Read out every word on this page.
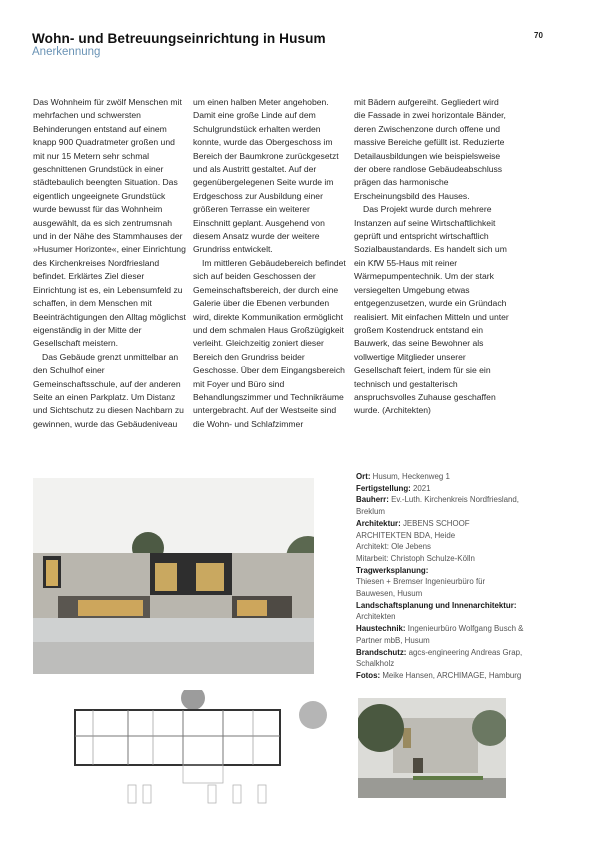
Wohn- und Betreuungseinrichtung in Husum
Anerkennung
70

Das Wohnheim für zwölf Menschen mit mehrfachen und schwersten Behinderungen entstand auf einem knapp 900 Quadratmeter großen und mit nur 15 Metern sehr schmal geschnittenen Grundstück in einer städtebaulich beengten Situation. Das eigentlich ungeeignete Grundstück wurde bewusst für das Wohnheim ausgewählt, da es sich zentrumsnah und in der Nähe des Stammhauses der »Husumer Horizonte«, einer Einrichtung des Kirchenkreises Nordfriesland befindet. Erklärtes Ziel dieser Einrichtung ist es, ein Lebensumfeld zu schaffen, in dem Menschen mit Beeinträchtigungen den Alltag möglichst eigenständig in der Mitte der Gesellschaft meistern.

Das Gebäude grenzt unmittelbar an den Schulhof einer Gemeinschaftsschule, auf der anderen Seite an einen Parkplatz. Um Distanz und Sichtschutz zu diesen Nachbarn zu gewinnen, wurde das Gebäudeniveau

um einen halben Meter angehoben. Damit eine große Linde auf dem Schulgrundstück erhalten werden konnte, wurde das Obergeschoss im Bereich der Baumkrone zurückgesetzt und als Austritt gestaltet. Auf der gegenübergelegenen Seite wurde im Erdgeschoss zur Ausbildung einer größeren Terrasse ein weiterer Einschnitt geplant. Ausgehend von diesem Ansatz wurde der weitere Grundriss entwickelt.

Im mittleren Gebäudebereich befindet sich auf beiden Geschossen der Gemeinschaftsbereich, der durch eine Galerie über die Ebenen verbunden wird, direkte Kommunikation ermöglicht und dem schmalen Haus Großzügigkeit verleiht. Gleichzeitig zoniert dieser Bereich den Grundriss beider Geschosse. Über dem Eingangsbereich mit Foyer und Büro sind Behandlungszimmer und Technikräume untergebracht. Auf der Westseite sind die Wohn- und Schlafzimmer

mit Bädern aufgereiht. Gegliedert wird die Fassade in zwei horizontale Bänder, deren Zwischenzone durch offene und massive Bereiche gefüllt ist. Reduzierte Detailausbildungen wie beispielsweise der obere randlose Gebäudeabschluss prägen das harmonische Erscheinungsbild des Hauses.

Das Projekt wurde durch mehrere Instanzen auf seine Wirtschaftlichkeit geprüft und entspricht wirtschaftlich Sozialbaustandards. Es handelt sich um ein KfW 55-Haus mit reiner Wärmepumpentechnik. Um der stark versiegelten Umgebung etwas entgegenzusetzen, wurde ein Gründach realisiert. Mit einfachen Mitteln und unter großem Kostendruck entstand ein Bauwerk, das seine Bewohner als vollwertige Mitglieder unserer Gesellschaft feiert, indem für sie ein technisch und gestalterisch anspruchsvolles Zuhause geschaffen wurde. (Architekten)

Ort: Husum, Heckenweg 1
Fertigstellung: 2021
Bauherr: Ev.-Luth. Kirchenkreis Nordfriesland, Breklum
Architektur: JEBENS SCHOOF ARCHITEKTEN BDA, Heide
Architekt: Ole Jebens
Mitarbeit: Christoph Schulze-Kölln
Tragwerksplanung:
Thiesen + Bremser Ingenieurbüro für Bauwesen, Husum
Landschaftsplanung und Innenarchitektur: Architekten
Haustechnik: Ingenieurbüro Wolfgang Busch & Partner mbB, Husum
Brandschutz: agcs-engineering Andreas Grap, Schalkholz
Fotos: Meike Hansen, ARCHIMAGE, Hamburg
